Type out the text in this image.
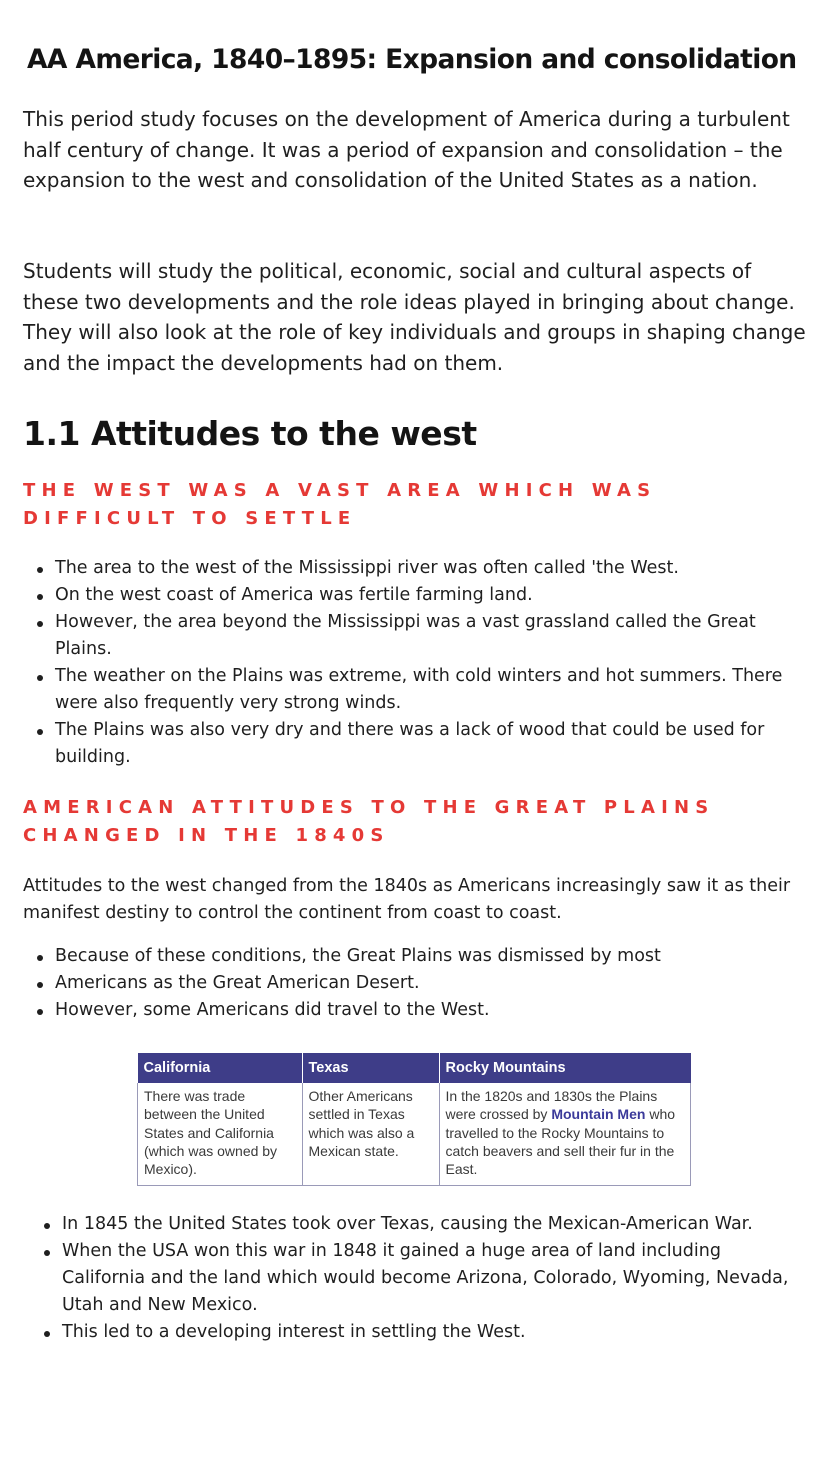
AA America, 1840–1895: Expansion and consolidation

This period study focuses on the development of America during a turbulent half century of change. It was a period of expansion and consolidation – the expansion to the west and consolidation of the United States as a nation.

Students will study the political, economic, social and cultural aspects of these two developments and the role ideas played in bringing about change. They will also look at the role of key individuals and groups in shaping change and the impact the developments had on them.

1.1 Attitudes to the west
THE WEST WAS A VAST AREA WHICH WAS DIFFICULT TO SETTLE
The area to the west of the Mississippi river was often called 'the West.
On the west coast of America was fertile farming land.
However, the area beyond the Mississippi was a vast grassland called the Great Plains.
The weather on the Plains was extreme, with cold winters and hot summers. There were also frequently very strong winds.
The Plains was also very dry and there was a lack of wood that could be used for building.
AMERICAN ATTITUDES TO THE GREAT PLAINS CHANGED IN THE 1840S

Attitudes to the west changed from the 1840s as Americans increasingly saw it as their manifest destiny to control the continent from coast to coast.

Because of these conditions, the Great Plains was dismissed by most
Americans as the Great American Desert.
However, some Americans did travel to the West.
California	Texas	Rocky Mountains
There was trade between the United States and California (which was owned by Mexico).	Other Americans settled in Texas which was also a Mexican state.	In the 1820s and 1830s the Plains were crossed by Mountain Men who travelled to the Rocky Mountains to catch beavers and sell their fur in the East.
In 1845 the United States took over Texas, causing the Mexican-American War.
When the USA won this war in 1848 it gained a huge area of land including California and the land which would become Arizona, Colorado, Wyoming, Nevada, Utah and New Mexico.
This led to a developing interest in settling the West.
